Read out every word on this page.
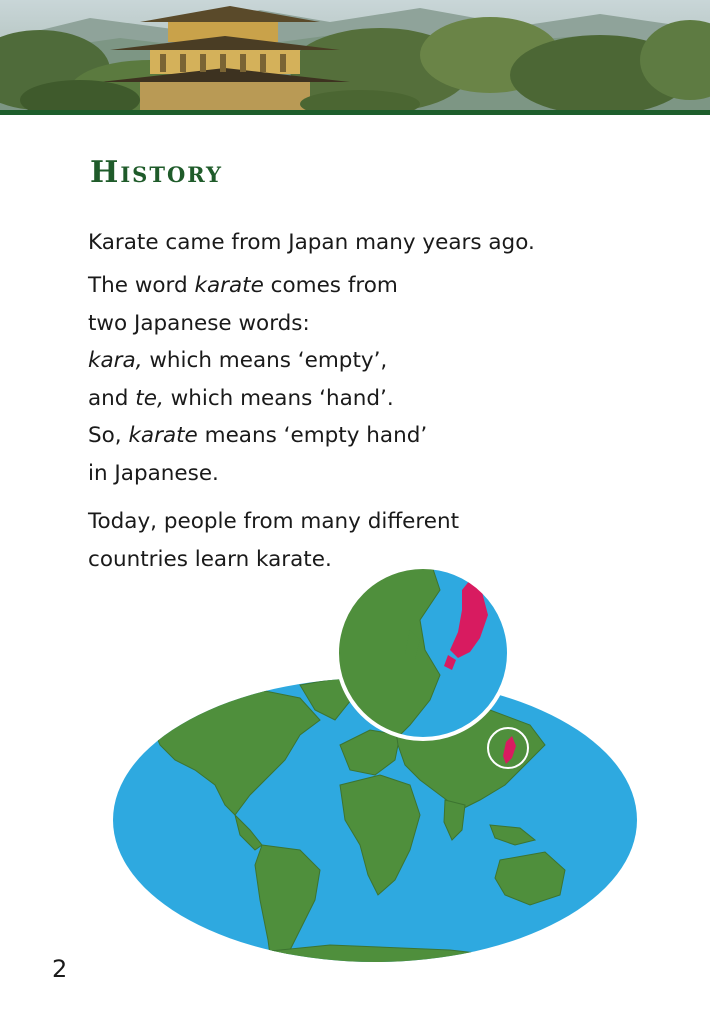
History

Karate came from Japan many years ago.

The word karate comes from
two Japanese words:
kara, which means ‘empty’,
and te, which means ‘hand’.
So, karate means ‘empty hand’
in Japanese.
Today, people from many different
countries learn karate.
2
